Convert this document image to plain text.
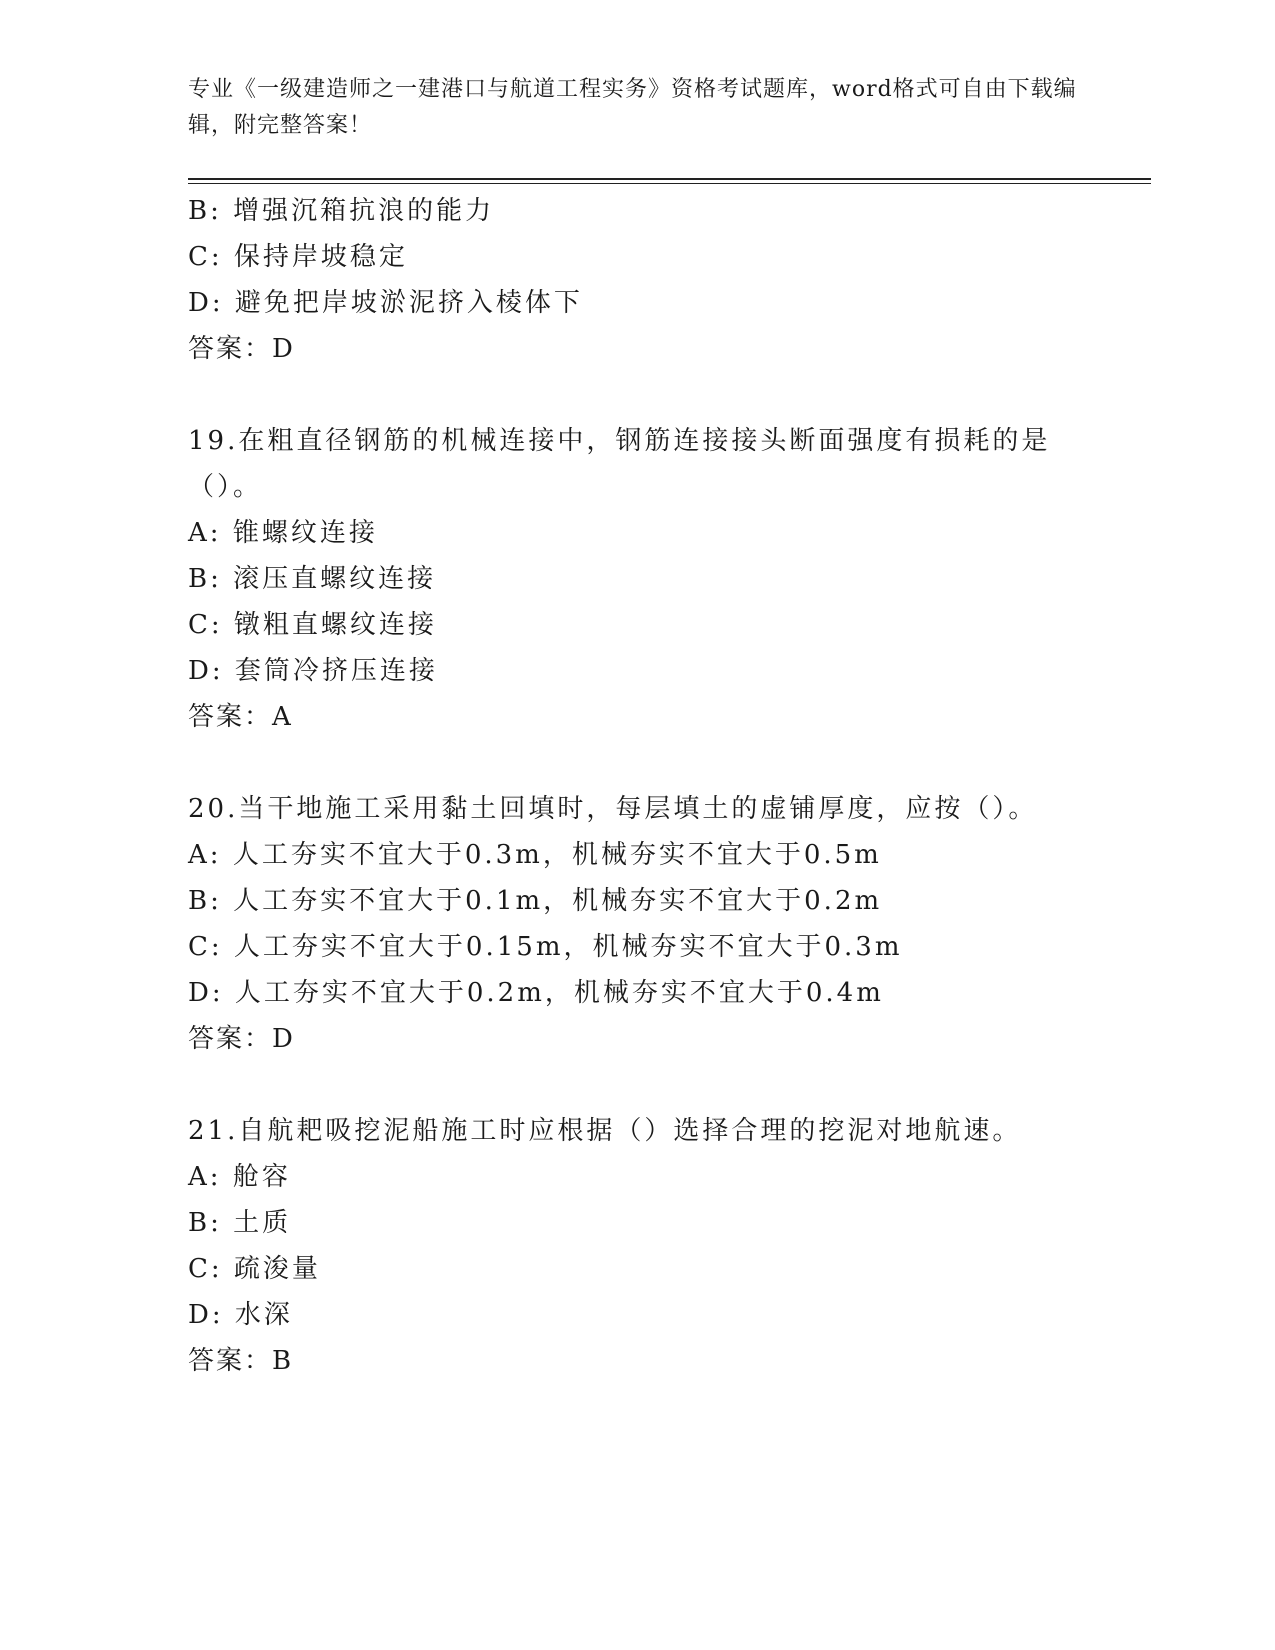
专业《一级建造师之一建港口与航道工程实务》资格考试题库，word格式可自由下载编辑，附完整答案！
B: 增强沉箱抗浪的能力
C: 保持岸坡稳定
D: 避免把岸坡淤泥挤入棱体下
答案：D
19.在粗直径钢筋的机械连接中，钢筋连接接头断面强度有损耗的是（）。
A: 锥螺纹连接
B: 滚压直螺纹连接
C: 镦粗直螺纹连接
D: 套筒冷挤压连接
答案：A
20.当干地施工采用黏土回填时，每层填土的虚铺厚度，应按（）。
A: 人工夯实不宜大于0.3m，机械夯实不宜大于0.5m
B: 人工夯实不宜大于0.1m，机械夯实不宜大于0.2m
C: 人工夯实不宜大于0.15m，机械夯实不宜大于0.3m
D: 人工夯实不宜大于0.2m，机械夯实不宜大于0.4m
答案：D
21.自航耙吸挖泥船施工时应根据（）选择合理的挖泥对地航速。
A: 舱容
B: 土质
C: 疏浚量
D: 水深
答案：B
